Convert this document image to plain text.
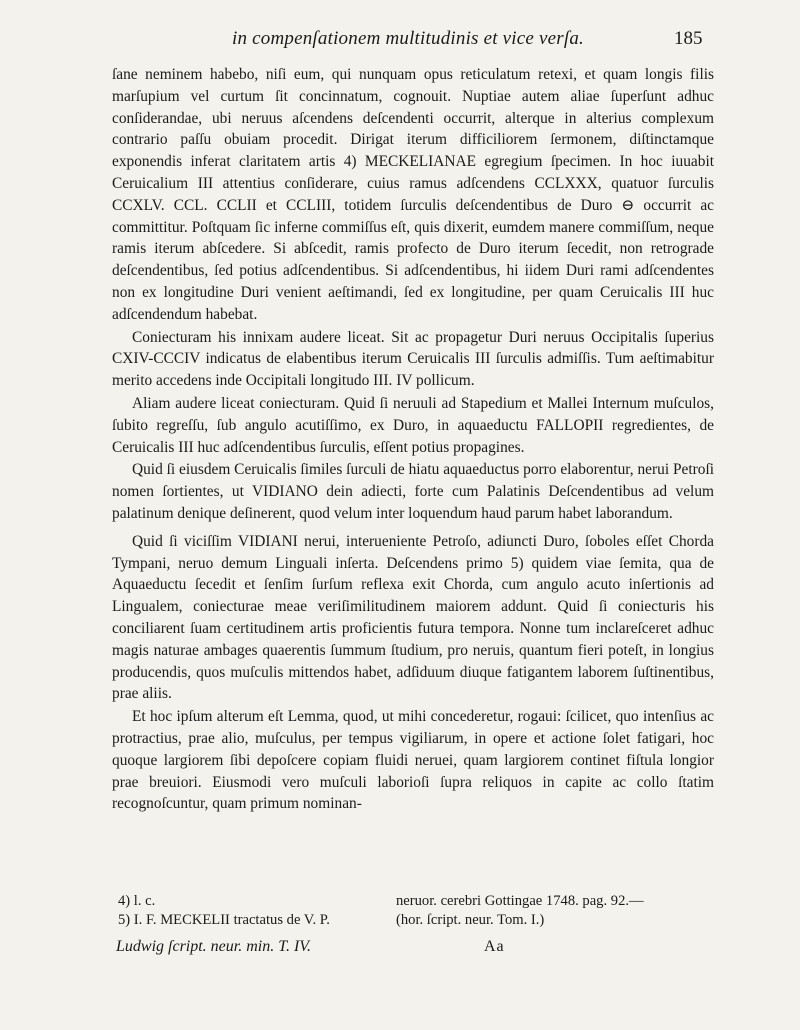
in compenſationem multitudinis et vice verſa.	185

ſane neminem habebo, niſi eum, qui nunquam opus reticulatum retexi, et quam longis filis marſupium vel curtum ſit concinnatum, cognouit. Nuptiae autem aliae ſuperſunt adhuc conſiderandae, ubi neruus aſcendens deſcendenti occurrit, alterque in alterius complexum contrario paſſu obuiam procedit. Dirigat iterum difficiliorem ſermonem, diſtinctamque exponendis inferat claritatem artis 4) MECKELIANAE egregium ſpecimen. In hoc iuuabit Ceruicalium III attentius conſiderare, cuius ramus adſcendens CCLXXX, quatuor ſurculis CCXLV. CCL. CCLII et CCLIII, totidem ſurculis deſcendentibus de Duro ⊖ occurrit ac committitur. Poſtquam ſic inferne commiſſus eſt, quis dixerit, eumdem manere commiſſum, neque ramis iterum abſcedere. Si abſcedit, ramis profecto de Duro iterum ſecedit, non retrograde deſcendentibus, ſed potius adſcendentibus. Si adſcendentibus, hi iidem Duri rami adſcendentes non ex longitudine Duri venient aeſtimandi, ſed ex longitudine, per quam Ceruicalis III huc adſcendendum habebat.

Coniecturam his innixam audere liceat. Sit ac propagetur Duri neruus Occipitalis ſuperius CXIV-CCCIV indicatus de elabentibus iterum Ceruicalis III ſurculis admiſſis. Tum aeſtimabitur merito accedens inde Occipitali longitudo III. IV pollicum.

Aliam audere liceat coniecturam. Quid ſi neruuli ad Stapedium et Mallei Internum muſculos, ſubito regreſſu, ſub angulo acutiſſimo, ex Duro, in aquaeductu FALLOPII regredientes, de Ceruicalis III huc adſcendentibus ſurculis, eſſent potius propagines.

Quid ſi eiusdem Ceruicalis ſimiles ſurculi de hiatu aquaeductus porro elaborentur, nerui Petroſi nomen ſortientes, ut VIDIANO dein adiecti, forte cum Palatinis Deſcendentibus ad velum palatinum denique deſinerent, quod velum inter loquendum haud parum habet laborandum.

Quid ſi viciſſim VIDIANI nerui, interueniente Petroſo, adiuncti Duro, ſoboles eſſet Chorda Tympani, neruo demum Linguali inſerta. Deſcendens primo 5) quidem viae ſemita, qua de Aquaeductu ſecedit et ſenſim ſurſum reflexa exit Chorda, cum angulo acuto inſertionis ad Lingualem, coniecturae meae veriſimilitudinem maiorem addunt. Quid ſi coniecturis his conciliarent ſuam certitudinem artis proficientis futura tempora. Nonne tum inclareſceret adhuc magis naturae ambages quaerentis ſummum ſtudium, pro neruis, quantum fieri poteſt, in longius producendis, quos muſculis mittendos habet, adſiduum diuque fatigantem laborem ſuſtinentibus, prae aliis.

Et hoc ipſum alterum eſt Lemma, quod, ut mihi concederetur, rogaui: ſcilicet, quo intenſius ac protractius, prae alio, muſculus, per tempus vigiliarum, in opere et actione ſolet fatigari, hoc quoque largiorem ſibi depoſcere copiam fluidi neruei, quam largiorem continet fiſtula longior prae breuiori. Eiusmodi vero muſculi laborioſi ſupra reliquos in capite ac collo ſtatim recognoſcuntur, quam primum nominan-

4) l. c.	neruor. cerebri Gottingae 1748. pag. 92.—
5) I. F. MECKELII tractatus de V. P.	(hor. ſcript. neur. Tom. I.)
Ludwig ſcript. neur. min. T. IV.	Aa
